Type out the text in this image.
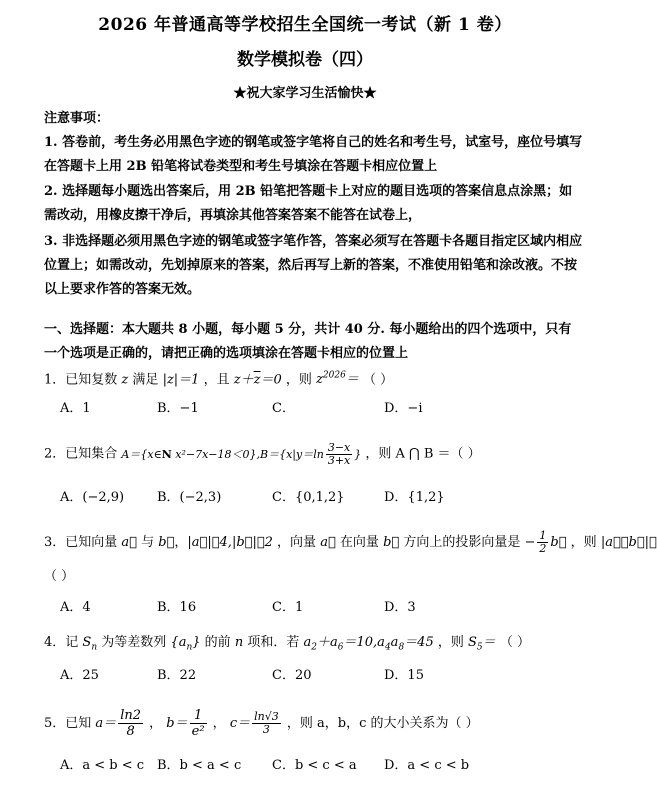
2026 年普通高等学校招生全国统一考试（新 1 卷）
数学模拟卷（四）
★祝大家学习生活愉快★
注意事项：
1. 答卷前，考生务必用黑色字迹的钢笔或签字笔将自己的姓名和考生号，试室号，座位号填写在答题卡上用 2B 铅笔将试卷类型和考生号填涂在答题卡相应位置上
2. 选择题每小题选出答案后，用 2B 铅笔把答题卡上对应的题目选项的答案信息点涂黑；如需改动，用橡皮擦干净后，再填涂其他答案答案不能答在试卷上，
3. 非选择题必须用黑色字迹的钢笔或签字笔作答，答案必须写在答题卡各题目指定区域内相应位置上；如需改动，先划掉原来的答案，然后再写上新的答案，不准使用铅笔和涂改液。不按以上要求作答的答案无效。
一、选择题：本大题共 8 小题，每小题 5 分，共计 40 分. 每小题给出的四个选项中，只有一个选项是正确的，请把正确的选项填涂在答题卡相应的位置上
1．已知复数 z 满足 |z|＝1 ，且 $z+\overline{z}=0$ ，则 $z^{2026}=$ （ ）
A．1	B．−1	C．	D．−i
2．已知集合 A＝{x∈N $x^2-7x-18<0\},B=\{x|y=\ln \frac{3-x}{3+x}$ } ，则 A ⋂ B ＝（ ）
A．(−2,9)	B．(−2,3)	C．{0,1,2}	D．{1,2}
3．已知向量 a⃗ 与 b⃗，|a⃗|＝4,|b⃗|＝2 ，向量 a⃗ 在向量 b⃗ 方向上的投影向量是 − $\frac{1}{2}$ b⃗ ，则 |a⃗＋b⃗|＝
（ ）
A．4	B．16	C．1	D．3
4．记 $S_n$ 为等差数列 $\{a_n\}$ 的前 n 项和．若 $a_2+a_6=10,a_4a_8=45$ ，则 $S_5=$ （ ）
A．25	B．22	C．20	D．15
5．已知 $a= \frac{\ln 2}{8}$ ， $b= \frac{1}{\text{e²}}$ ， $c= \frac{\ln√3}{3}$ ，则 a，b，c 的大小关系为（ ）
A．a < b < c B．b < a < c C．b < c < a D．a < c < b
